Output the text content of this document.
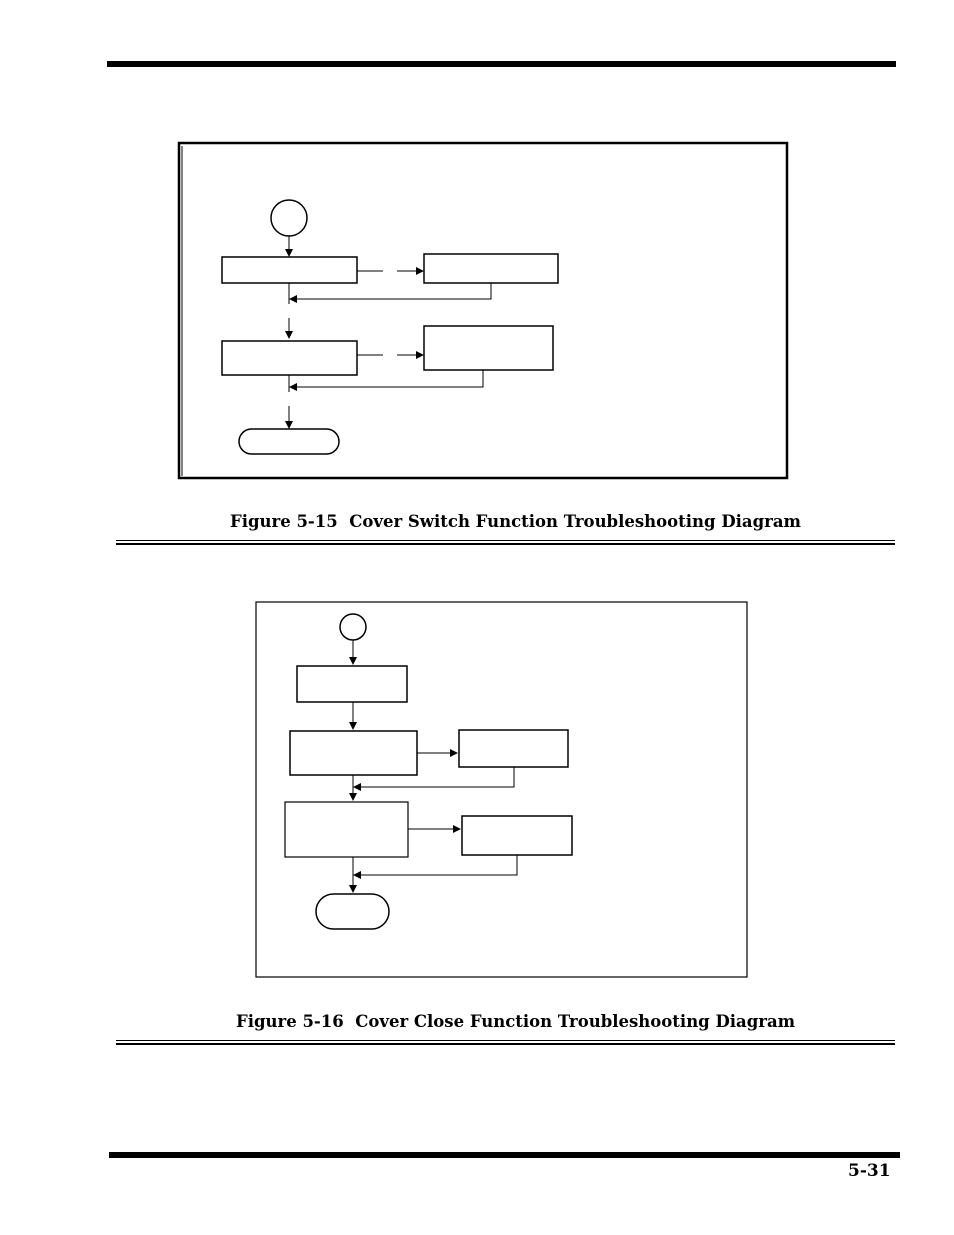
Figure 5-15  Cover Switch Function Troubleshooting Diagram
Figure 5-16  Cover Close Function Troubleshooting Diagram
5-31
